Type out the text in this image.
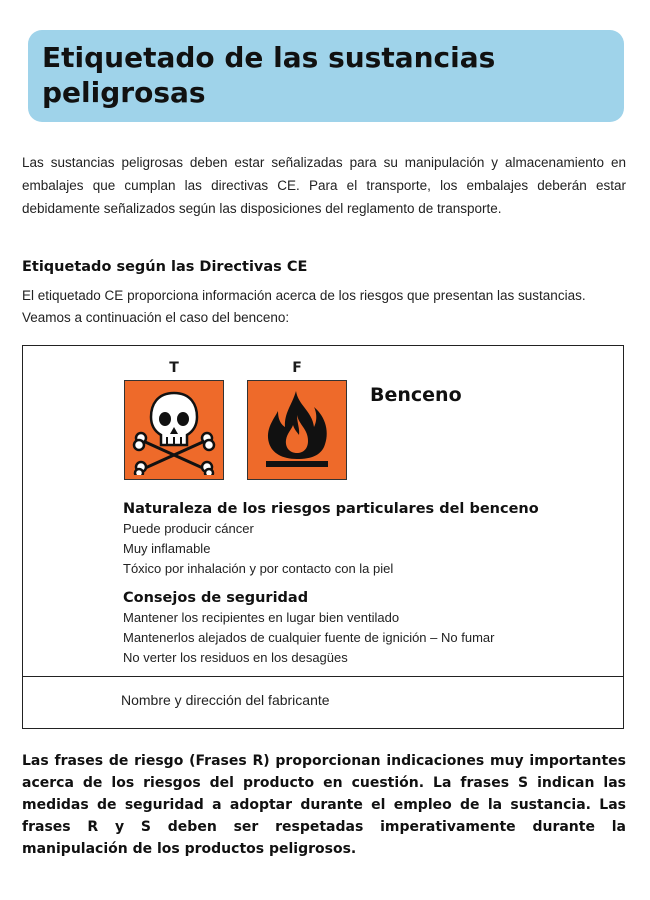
Etiquetado de las sustancias peligrosas
Las sustancias peligrosas deben estar señalizadas para su manipulación y almacenamiento en embalajes que cumplan las directivas CE. Para el transporte, los embalajes deberán estar debidamente señalizados según las disposiciones del reglamento de transporte.
Etiquetado según las Directivas CE
El etiquetado CE proporciona información acerca de los riesgos que presentan las sustancias. Veamos a continuación el caso del benceno:
T	F
Benceno
Naturaleza de los riesgos particulares del benceno
Puede producir cáncer
Muy inflamable
Tóxico por inhalación y por contacto con la piel
Consejos de seguridad
Mantener los recipientes en lugar bien ventilado
Mantenerlos alejados de cualquier fuente de ignición – No fumar
No verter los residuos en los desagües
Nombre y dirección del fabricante
Las frases de riesgo (Frases R) proporcionan indicaciones muy importantes acerca de los riesgos del producto en cuestión. La frases S indican las medidas de seguridad a adoptar durante el empleo de la sustancia. Las frases R y S deben ser respetadas imperativamente durante la manipulación de los productos peligrosos.
